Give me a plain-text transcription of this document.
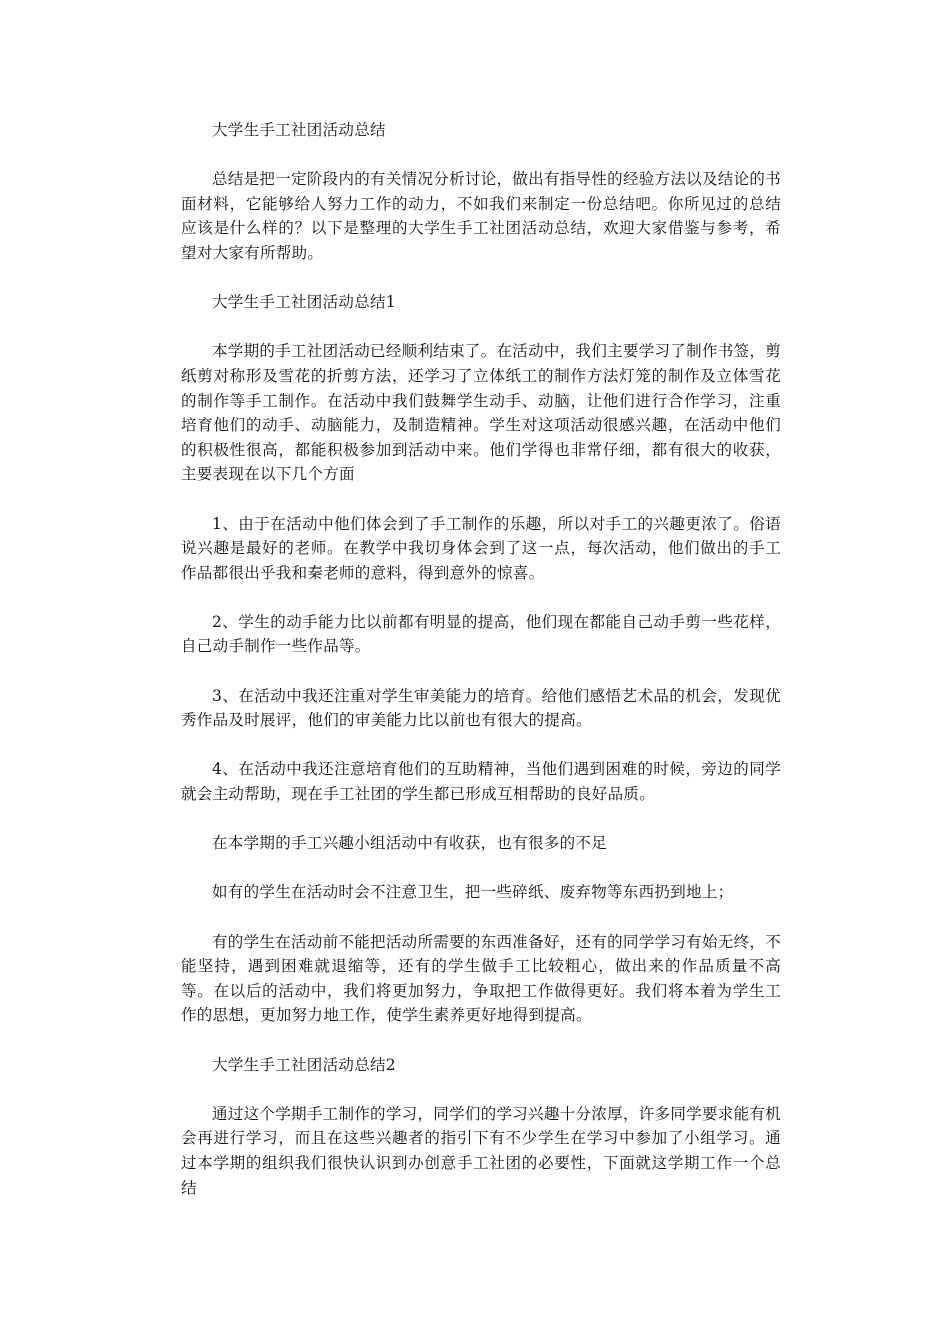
大学生手工社团活动总结

总结是把一定阶段内的有关情况分析讨论，做出有指导性的经验方法以及结论的书面材料，它能够给人努力工作的动力，不如我们来制定一份总结吧。你所见过的总结应该是什么样的？以下是整理的大学生手工社团活动总结，欢迎大家借鉴与参考，希望对大家有所帮助。

大学生手工社团活动总结1

本学期的手工社团活动已经顺利结束了。在活动中，我们主要学习了制作书签，剪纸剪对称形及雪花的折剪方法，还学习了立体纸工的制作方法灯笼的制作及立体雪花的制作等手工制作。在活动中我们鼓舞学生动手、动脑，让他们进行合作学习，注重培育他们的动手、动脑能力，及制造精神。学生对这项活动很感兴趣，在活动中他们的积极性很高，都能积极参加到活动中来。他们学得也非常仔细，都有很大的收获，主要表现在以下几个方面

1、由于在活动中他们体会到了手工制作的乐趣，所以对手工的兴趣更浓了。俗语说兴趣是最好的老师。在教学中我切身体会到了这一点，每次活动，他们做出的手工作品都很出乎我和秦老师的意料，得到意外的惊喜。

2、学生的动手能力比以前都有明显的提高，他们现在都能自己动手剪一些花样，自己动手制作一些作品等。

3、在活动中我还注重对学生审美能力的培育。给他们感悟艺术品的机会，发现优秀作品及时展评，他们的审美能力比以前也有很大的提高。

4、在活动中我还注意培育他们的互助精神，当他们遇到困难的时候，旁边的同学就会主动帮助，现在手工社团的学生都已形成互相帮助的良好品质。

在本学期的手工兴趣小组活动中有收获，也有很多的不足

如有的学生在活动时会不注意卫生，把一些碎纸、废弃物等东西扔到地上；

有的学生在活动前不能把活动所需要的东西准备好，还有的同学学习有始无终，不能坚持，遇到困难就退缩等，还有的学生做手工比较粗心，做出来的作品质量不高等。在以后的活动中，我们将更加努力，争取把工作做得更好。我们将本着为学生工作的思想，更加努力地工作，使学生素养更好地得到提高。

大学生手工社团活动总结2

通过这个学期手工制作的学习，同学们的学习兴趣十分浓厚，许多同学要求能有机会再进行学习，而且在这些兴趣者的指引下有不少学生在学习中参加了小组学习。通过本学期的组织我们很快认识到办创意手工社团的必要性，下面就这学期工作一个总结
